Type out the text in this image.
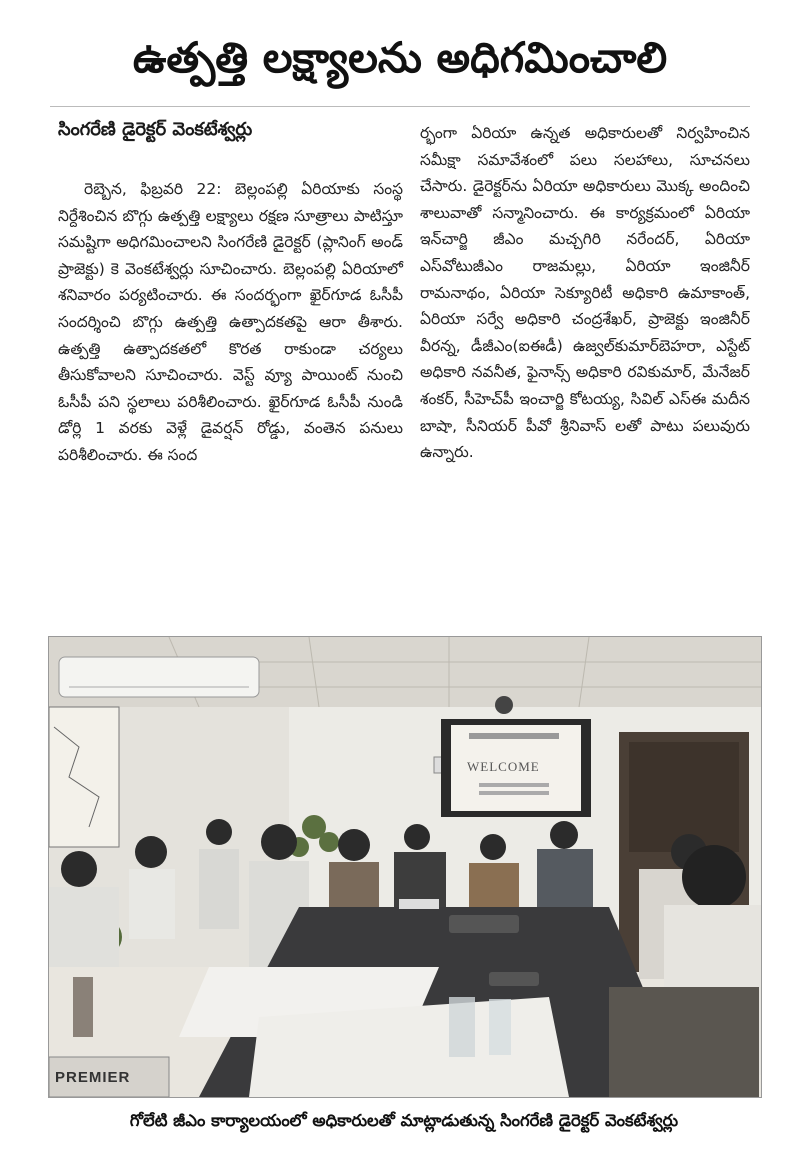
ఉత్పత్తి లక్ష్యాలను అధిగమించాలి
సింగరేణి డైరెక్టర్ వెంకటేశ్వర్లు

రెబ్బెన, ఫిబ్రవరి 22: బెల్లంపల్లి ఏరియాకు సంస్థ నిర్దేశించిన బొగ్గు ఉత్పత్తి లక్ష్యాలు రక్షణ సూత్రాలు పాటిస్తూ సమష్టిగా అధిగమించాలని సింగరేణి డైరెక్టర్ (ప్లానింగ్ అండ్ ప్రాజెక్టు) కె వెంకటేశ్వర్లు సూచించారు. బెల్లంపల్లి ఏరియాలో శనివారం పర్యటించారు. ఈ సందర్భంగా ఖైర్‌గూడ ఓసీపీ సందర్శించి బొగ్గు ఉత్పత్తి ఉత్పాదకతపై ఆరా తీశారు. ఉత్పత్తి ఉత్పాదకతలో కొరత రాకుండా చర్యలు తీసుకోవాలని సూచించారు. వెస్ట్ వ్యూ పాయింట్ నుంచి ఓసీపీ పని స్థలాలు పరిశీలించారు. ఖైర్‌గూడ ఓసీపీ నుండి డోర్లి 1 వరకు వెళ్లే డైవర్షన్ రోడ్డు, వంతెన పనులు పరిశీలించారు. ఈ సంద

ర్భంగా ఏరియా ఉన్నత అధికారులతో నిర్వహించిన సమీక్షా సమావేశంలో పలు సలహాలు, సూచనలు చేసారు. డైరెక్టర్‌ను ఏరియా అధికారులు మొక్క అందించి శాలువాతో సన్మానించారు. ఈ కార్యక్రమంలో ఏరియా ఇన్‌చార్జి జీఎం మచ్చగిరి నరేందర్, ఏరియా ఎస్‌వోటుజీఎం రాజమల్లు, ఏరియా ఇంజినీర్ రామనాథం, ఏరియా సెక్యూరిటీ అధికారి ఉమాకాంత్, ఏరియా సర్వే అధికారి చంద్రశేఖర్, ప్రాజెక్టు ఇంజినీర్ వీరన్న, డీజీఎం(ఐఈడీ) ఉజ్వల్‌కుమార్‌బెహరా, ఎస్టేట్ అధికారి నవనీత, ఫైనాన్స్ అధికారి రవికుమార్, మేనేజర్ శంకర్, సీహెచ్‌పీ ఇంచార్జి కోటయ్య, సివిల్ ఎస్ఈ మదీన బాషా, సీనియర్ పీవో శ్రీనివాస్ లతో పాటు పలువురు ఉన్నారు.

WELCOME
PREMIER
గోలేటి జీఎం కార్యాలయంలో అధికారులతో మాట్లాడుతున్న సింగరేణి డైరెక్టర్ వెంకటేశ్వర్లు
